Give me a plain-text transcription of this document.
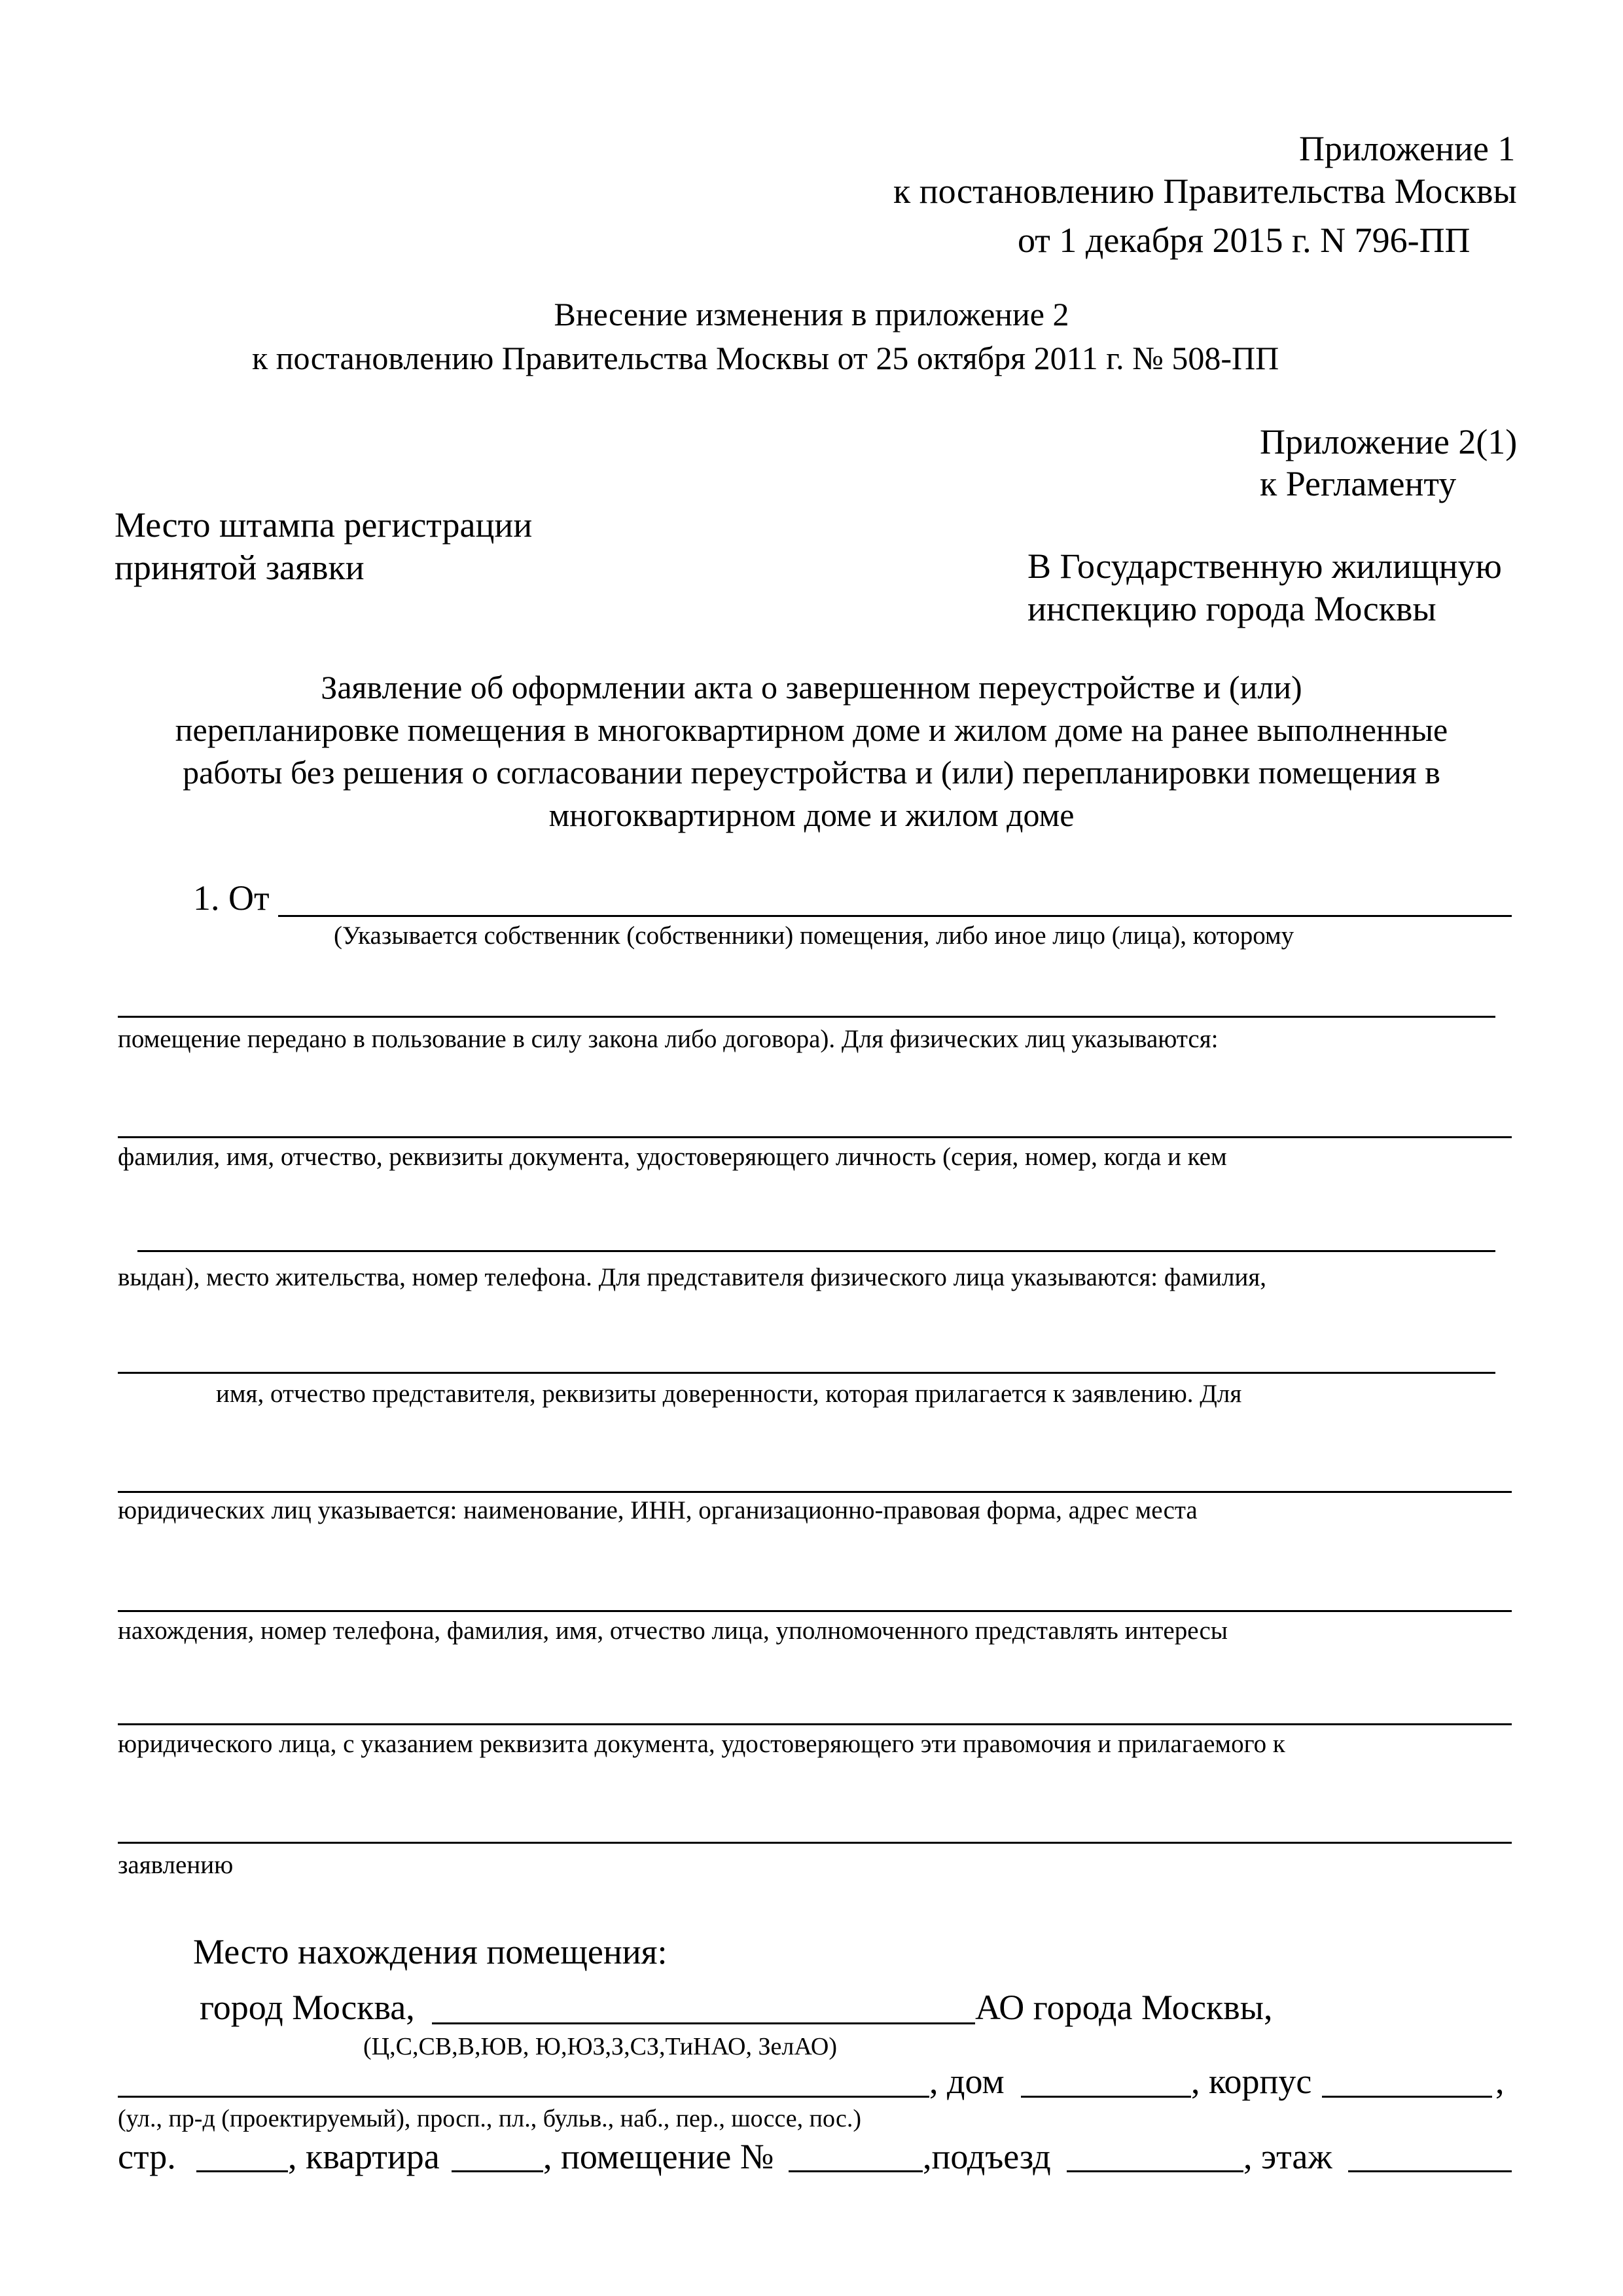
Приложение 1
к постановлению Правительства Москвы
от 1 декабря 2015 г. N 796-ПП
Внесение изменения в приложение 2
к постановлению Правительства Москвы от 25 октября 2011 г. № 508-ПП
Приложение 2(1)
к Регламенту
Место штампа регистрации
принятой заявки	В Государственную жилищную
инспекцию города Москвы
Заявление об оформлении акта о завершенном переустройстве и (или)
перепланировке помещения в многоквартирном доме и жилом доме на ранее выполненные
работы без решения о согласовании переустройства и (или) перепланировки помещения в
многоквартирном доме и жилом доме
1. От
(Указывается собственник (собственники) помещения, либо иное лицо (лица), которому
помещение передано в пользование в силу закона либо договора). Для физических лиц указываются:
фамилия, имя, отчество, реквизиты документа, удостоверяющего личность (серия, номер, когда и кем
выдан), место жительства, номер телефона. Для представителя физического лица указываются: фамилия,
имя, отчество представителя, реквизиты доверенности, которая прилагается к заявлению. Для
юридических лиц указывается: наименование, ИНН, организационно-правовая форма, адрес места
нахождения, номер телефона, фамилия, имя, отчество лица, уполномоченного представлять интересы
юридического лица, с указанием реквизита документа, удостоверяющего эти правомочия и прилагаемого к
заявлению
Место нахождения помещения:
город Москва,	АО города Москвы,
(Ц,С,СВ,В,ЮВ, Ю,ЮЗ,З,СЗ,ТиНАО, ЗелАО)
, дом	, корпус	,
(ул., пр-д (проектируемый), просп., пл., бульв., наб., пер., шоссе, пос.)
стр.	, квартира	, помещение №	,подъезд	, этаж
